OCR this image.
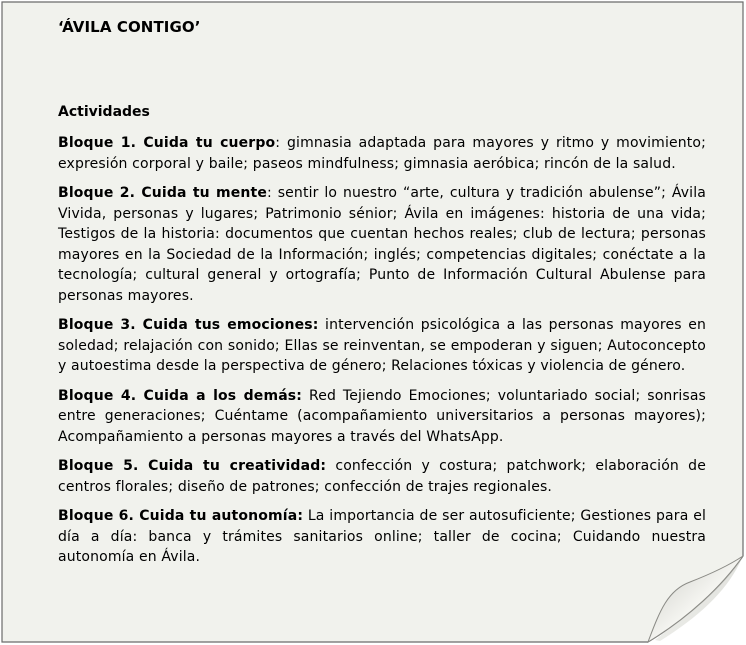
‘ÁVILA CONTIGO’
Actividades

Bloque 1. Cuida tu cuerpo: gimnasia adaptada para mayores y ritmo y movimiento; expresión corporal y baile; paseos mindfulness; gimnasia aeróbica; rincón de la salud.

Bloque 2. Cuida tu mente: sentir lo nuestro “arte, cultura y tradición abulense”; Ávila Vivida, personas y lugares; Patrimonio sénior; Ávila en imágenes: historia de una vida; Testigos de la historia: documentos que cuentan hechos reales; club de lectura; personas mayores en la Sociedad de la Información; inglés; competencias digitales; conéctate a la tecnología; cultural general y ortografía; Punto de Información Cultural Abulense para personas mayores.

Bloque 3. Cuida tus emociones: intervención psicológica a las personas mayores en soledad; relajación con sonido; Ellas se reinventan, se empoderan y siguen; Autoconcepto y autoestima desde la perspectiva de género; Relaciones tóxicas y violencia de género.

Bloque 4. Cuida a los demás: Red Tejiendo Emociones; voluntariado social; sonrisas entre generaciones; Cuéntame (acompañamiento universitarios a personas mayores); Acompañamiento a personas mayores a través del WhatsApp.

Bloque 5. Cuida tu creatividad: confección y costura; patchwork; elaboración de centros florales; diseño de patrones; confección de trajes regionales.

Bloque 6. Cuida tu autonomía: La importancia de ser autosuficiente; Gestiones para el día a día: banca y trámites sanitarios online; taller de cocina; Cuidando nuestra autonomía en Ávila.
